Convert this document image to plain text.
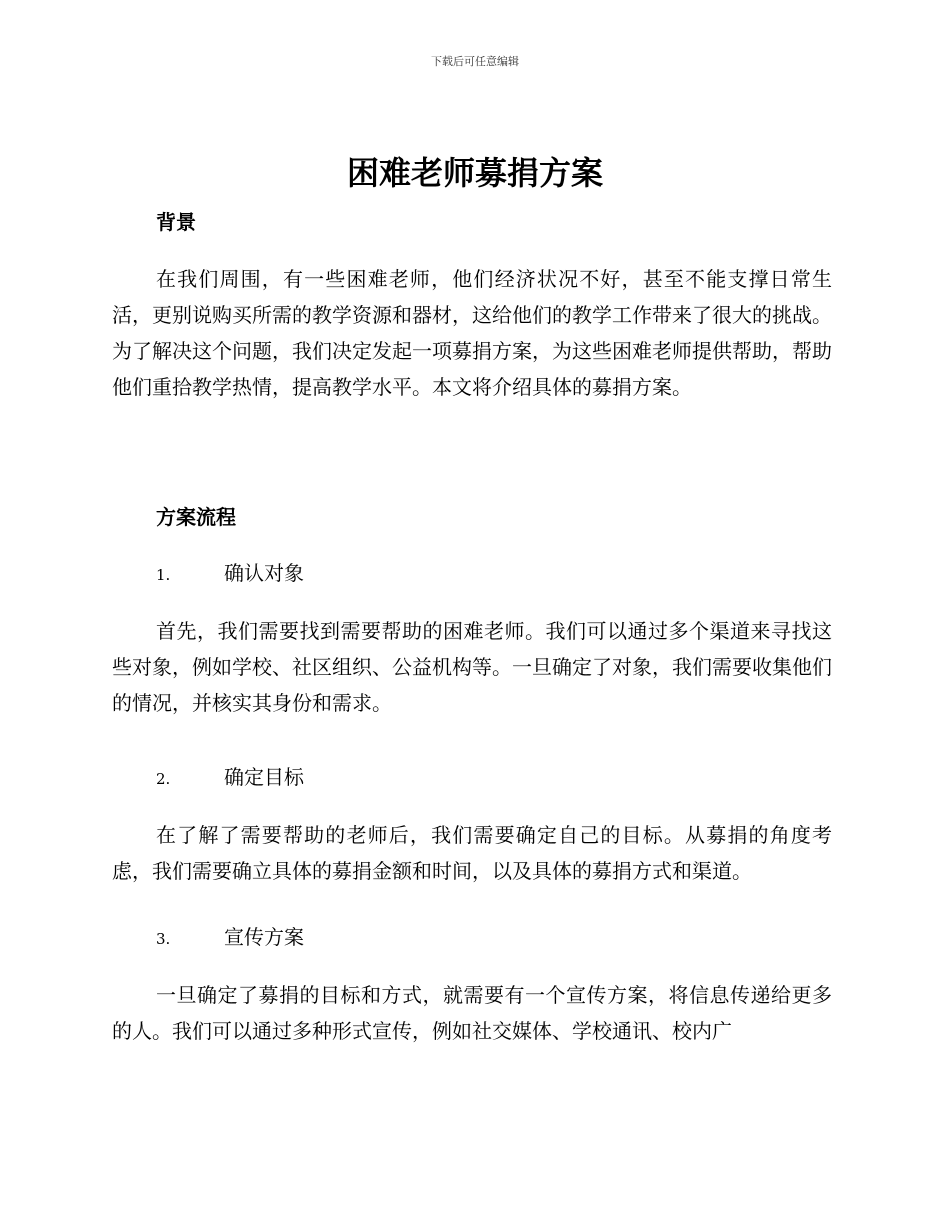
下载后可任意编辑
困难老师募捐方案
背景

在我们周围，有一些困难老师，他们经济状况不好，甚至不能支撑日常生活，更别说购买所需的教学资源和器材，这给他们的教学工作带来了很大的挑战。为了解决这个问题，我们决定发起一项募捐方案，为这些困难老师提供帮助，帮助他们重拾教学热情，提高教学水平。本文将介绍具体的募捐方案。

方案流程
1.	确认对象

首先，我们需要找到需要帮助的困难老师。我们可以通过多个渠道来寻找这些对象，例如学校、社区组织、公益机构等。一旦确定了对象，我们需要收集他们的情况，并核实其身份和需求。

2.	确定目标

在了解了需要帮助的老师后，我们需要确定自己的目标。从募捐的角度考虑，我们需要确立具体的募捐金额和时间，以及具体的募捐方式和渠道。

3.	宣传方案

一旦确定了募捐的目标和方式，就需要有一个宣传方案，将信息传递给更多的人。我们可以通过多种形式宣传，例如社交媒体、学校通讯、校内广
